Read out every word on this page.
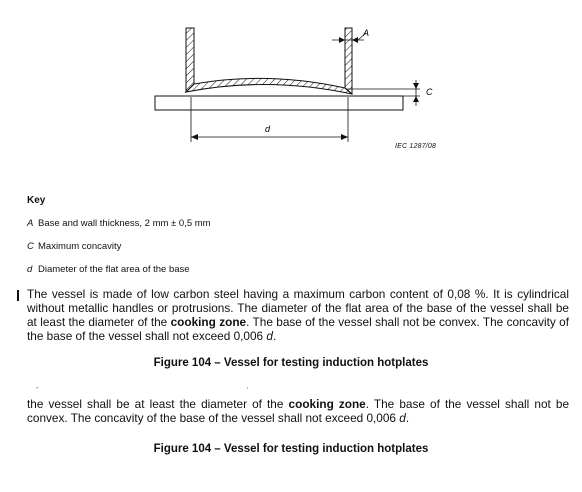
A
C
d
IEC 1287/08
Key
A Base and wall thickness, 2 mm ± 0,5 mm
C Maximum concavity
d Diameter of the flat area of the base
The vessel is made of low carbon steel having a maximum carbon content of 0,08 %. It is cylindrical without metallic handles or protrusions. The diameter of the flat area of the base of the vessel shall be at least the diameter of the cooking zone. The base of the vessel shall not be convex. The concavity of the base of the vessel shall not exceed 0,006 d.
Figure 104 – Vessel for testing induction hotplates
´	ˈ
the vessel shall be at least the diameter of the cooking zone. The base of the vessel shall not be convex. The concavity of the base of the vessel shall not exceed 0,006 d.
Figure 104 – Vessel for testing induction hotplates
